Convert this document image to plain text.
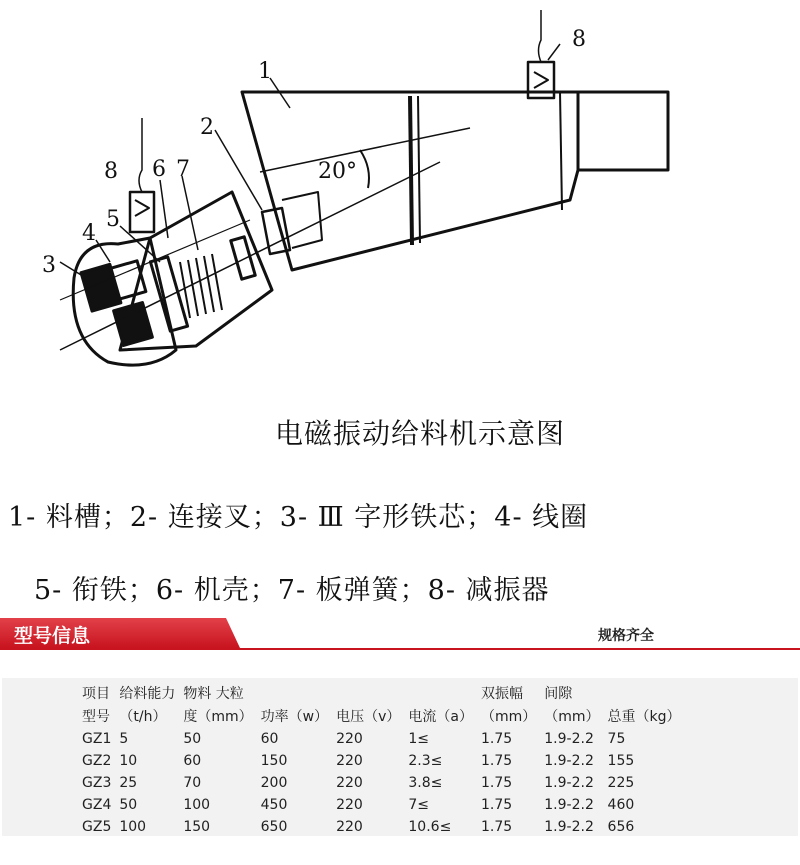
1
2
3
4
5
6 7
8
8
20°
电磁振动给料机示意图
1- 料槽；2- 连接叉；3- Ⅲ 字形铁芯；4- 线圈
5- 衔铁；6- 机壳；7- 板弹簧；8- 减振器
型号信息	规格齐全
项目	给料能力	物料 大粒				双振幅	间隙	
型号	（t/h）	度（mm）	功率（w）	电压（v）	电流（a）	（mm）	（mm）	总重（kg）
GZ1	5	50	60	220	1≤	1.75	1.9-2.2	75
GZ2	10	60	150	220	2.3≤	1.75	1.9-2.2	155
GZ3	25	70	200	220	3.8≤	1.75	1.9-2.2	225
GZ4	50	100	450	220	7≤	1.75	1.9-2.2	460
GZ5	100	150	650	220	10.6≤	1.75	1.9-2.2	656
